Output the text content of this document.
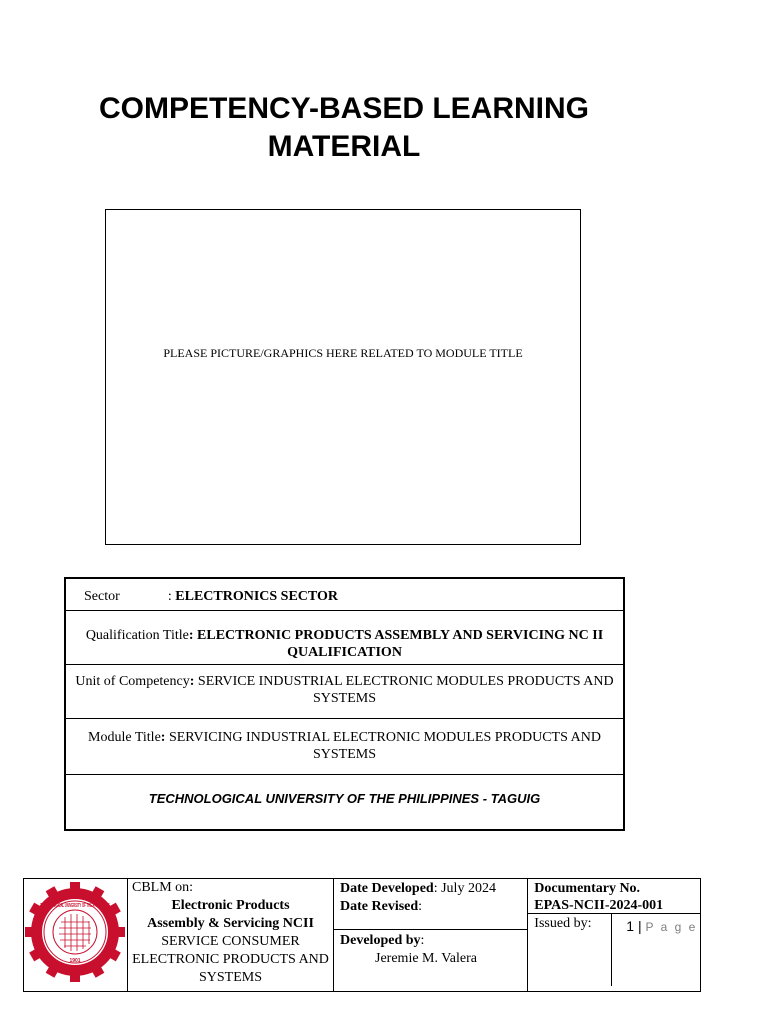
COMPETENCY-BASED LEARNING
MATERIAL
PLEASE PICTURE/GRAPHICS HERE RELATED TO MODULE TITLE
Sector	: ELECTRONICS SECTOR
Qualification Title: ELECTRONIC PRODUCTS ASSEMBLY AND SERVICING NC II QUALIFICATION
Unit of Competency: SERVICE INDUSTRIAL ELECTRONIC MODULES PRODUCTS AND SYSTEMS
Module Title: SERVICING INDUSTRIAL ELECTRONIC MODULES PRODUCTS AND SYSTEMS
TECHNOLOGICAL UNIVERSITY OF THE PHILIPPINES - TAGUIG
TECHNOLOGICAL UNIVERSITY OF THE PHILIPPINES
1901

CBLM on:
Electronic Products
Assembly & Servicing NCII
SERVICE CONSUMER ELECTRONIC PRODUCTS AND SYSTEMS

Date Developed: July 2024
Date Revised:
Developed by:
Jeremie M. Valera

Documentary No.
EPAS-NCII-2024-001
Issued by:	1 | P a g e
